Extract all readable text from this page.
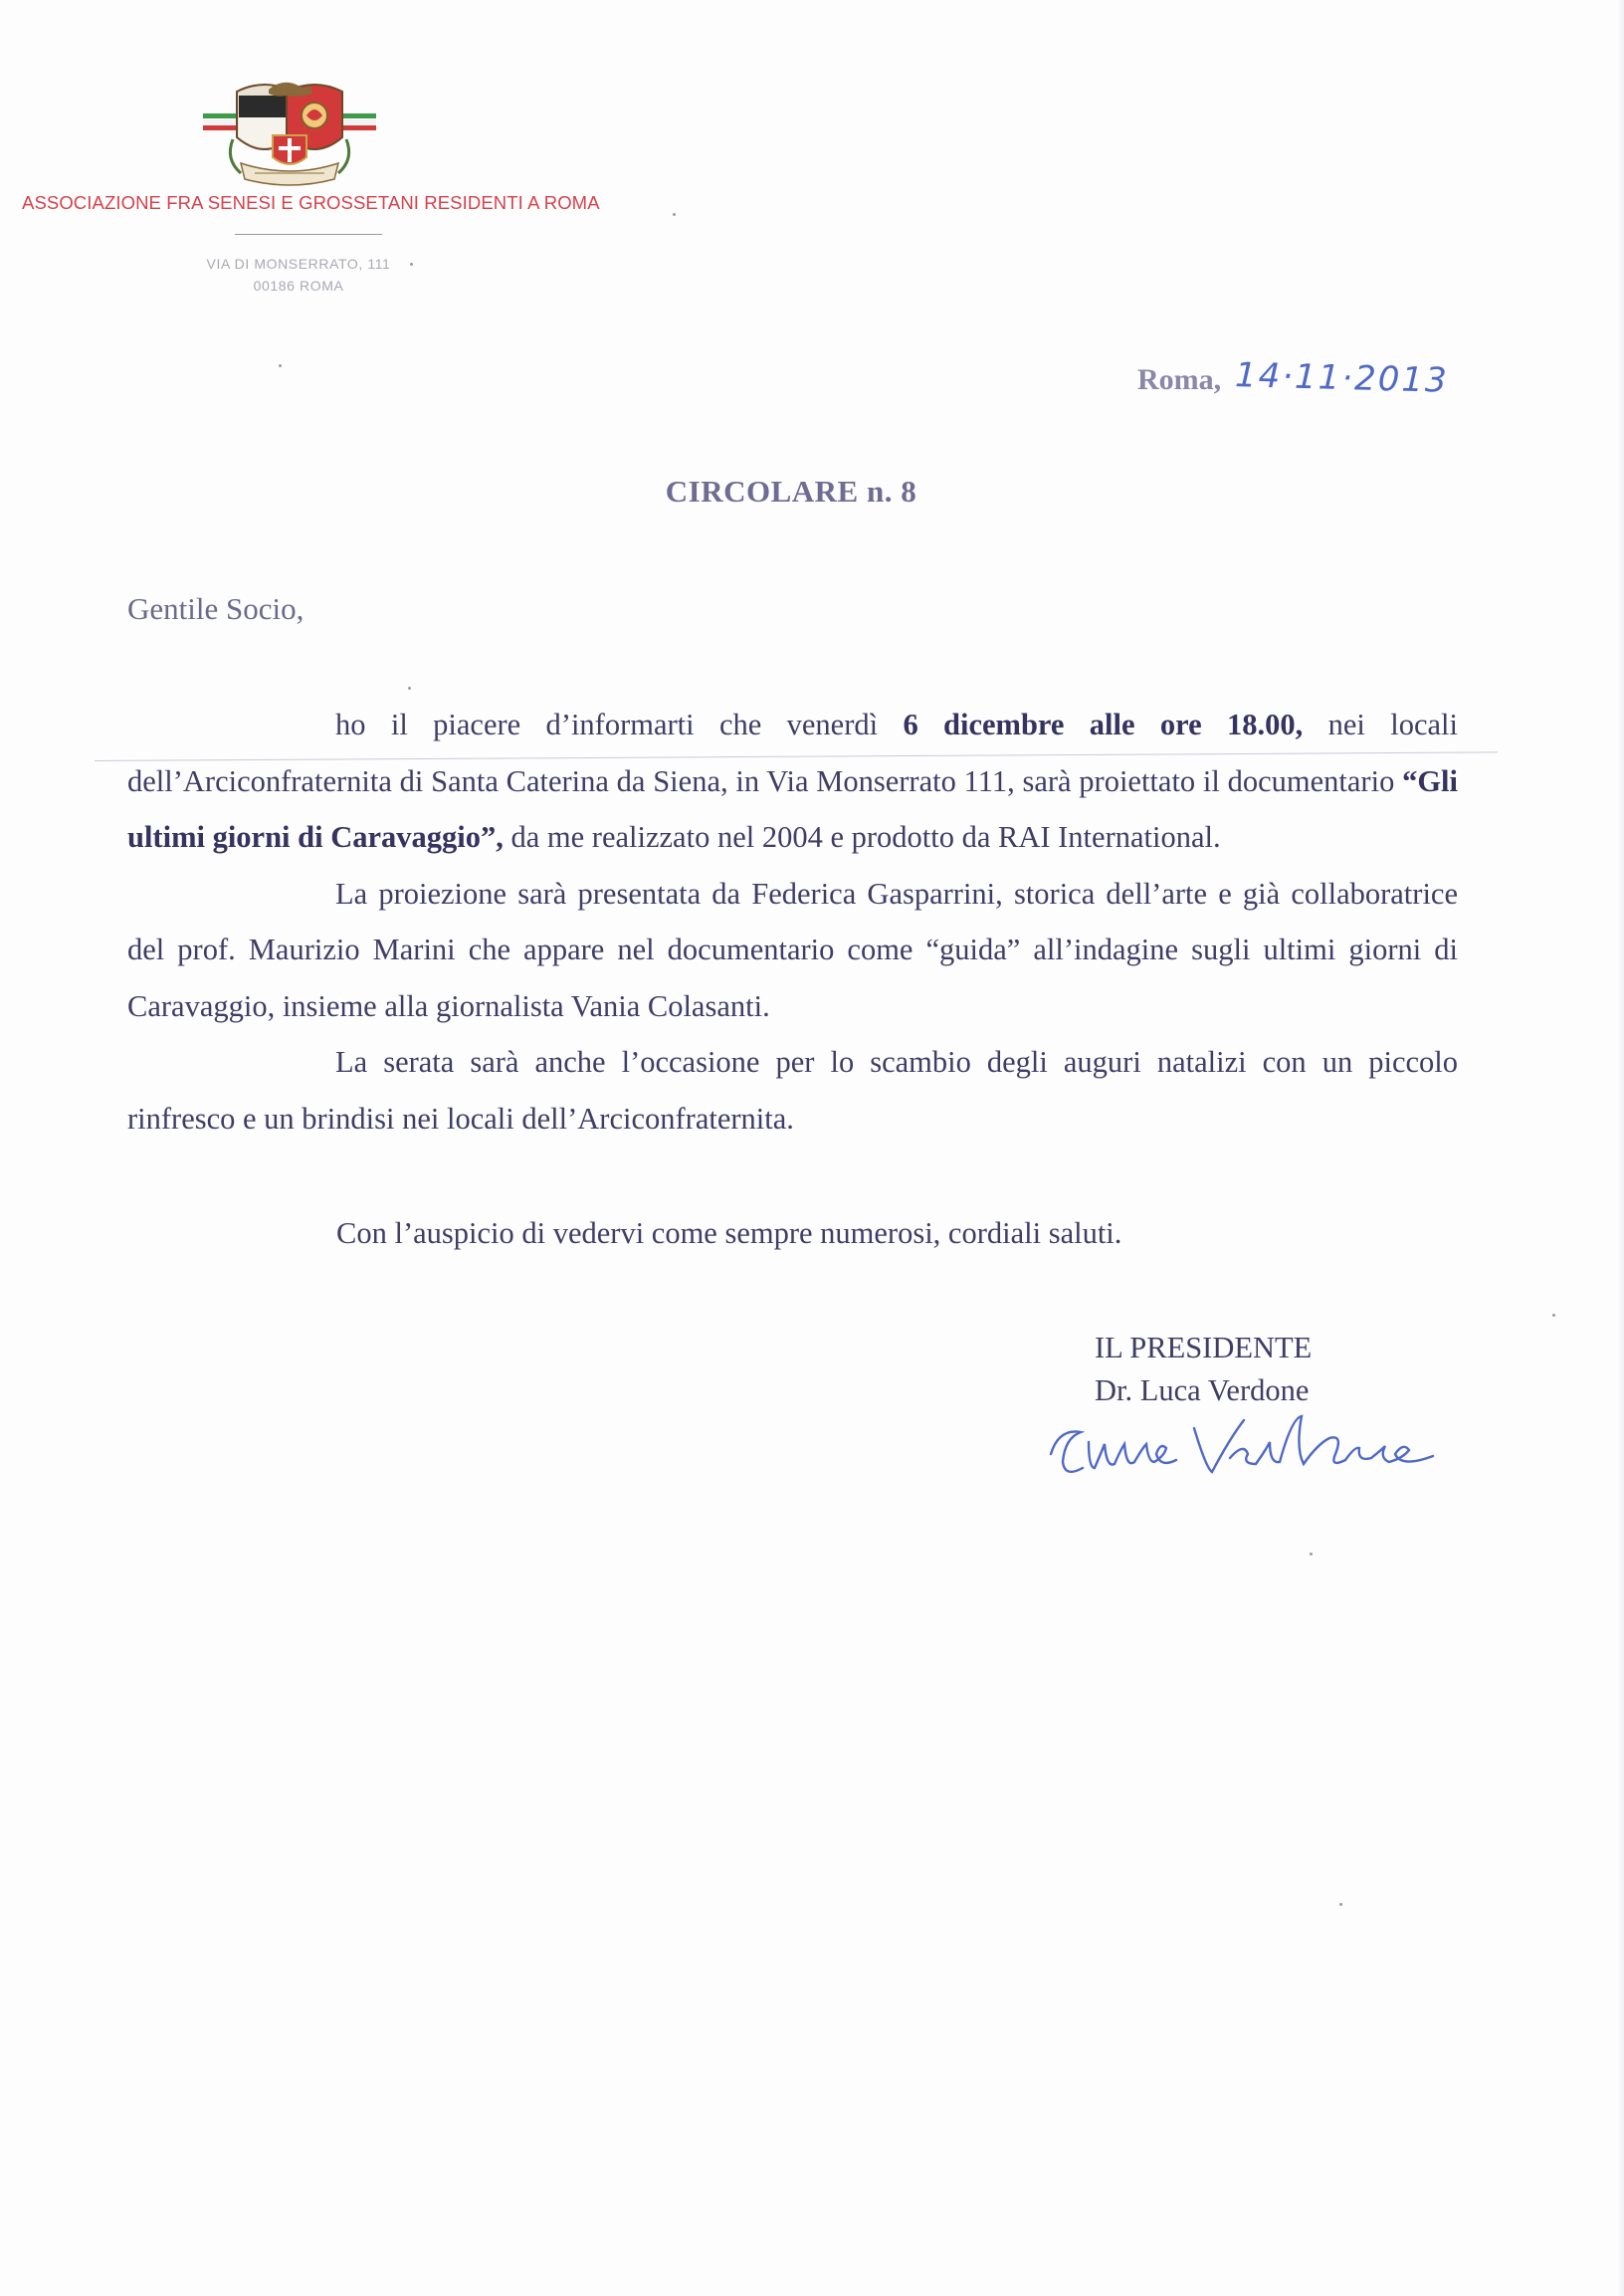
ASSOCIAZIONE FRA SENESI E GROSSETANI RESIDENTI A ROMA
VIA DI MONSERRATO, 111
00186 ROMA
Roma, 14·11·2013
CIRCOLARE n. 8
Gentile Socio,

ho il piacere d’informarti che venerdì 6 dicembre alle ore 18.00, nei locali dell’Arciconfraternita di Santa Caterina da Siena, in Via Monserrato 111, sarà proiettato il documentario “Gli ultimi giorni di Caravaggio”, da me realizzato nel 2004 e prodotto da RAI International.

La proiezione sarà presentata da Federica Gasparrini, storica dell’arte e già collaboratrice del prof. Maurizio Marini che appare nel documentario come “guida” all’indagine sugli ultimi giorni di Caravaggio, insieme alla giornalista Vania Colasanti.

La serata sarà anche l’occasione per lo scambio degli auguri natalizi con un piccolo rinfresco e un brindisi nei locali dell’Arciconfraternita.

Con l’auspicio di vedervi come sempre numerosi, cordiali saluti.
IL PRESIDENTE
Dr. Luca Verdone
